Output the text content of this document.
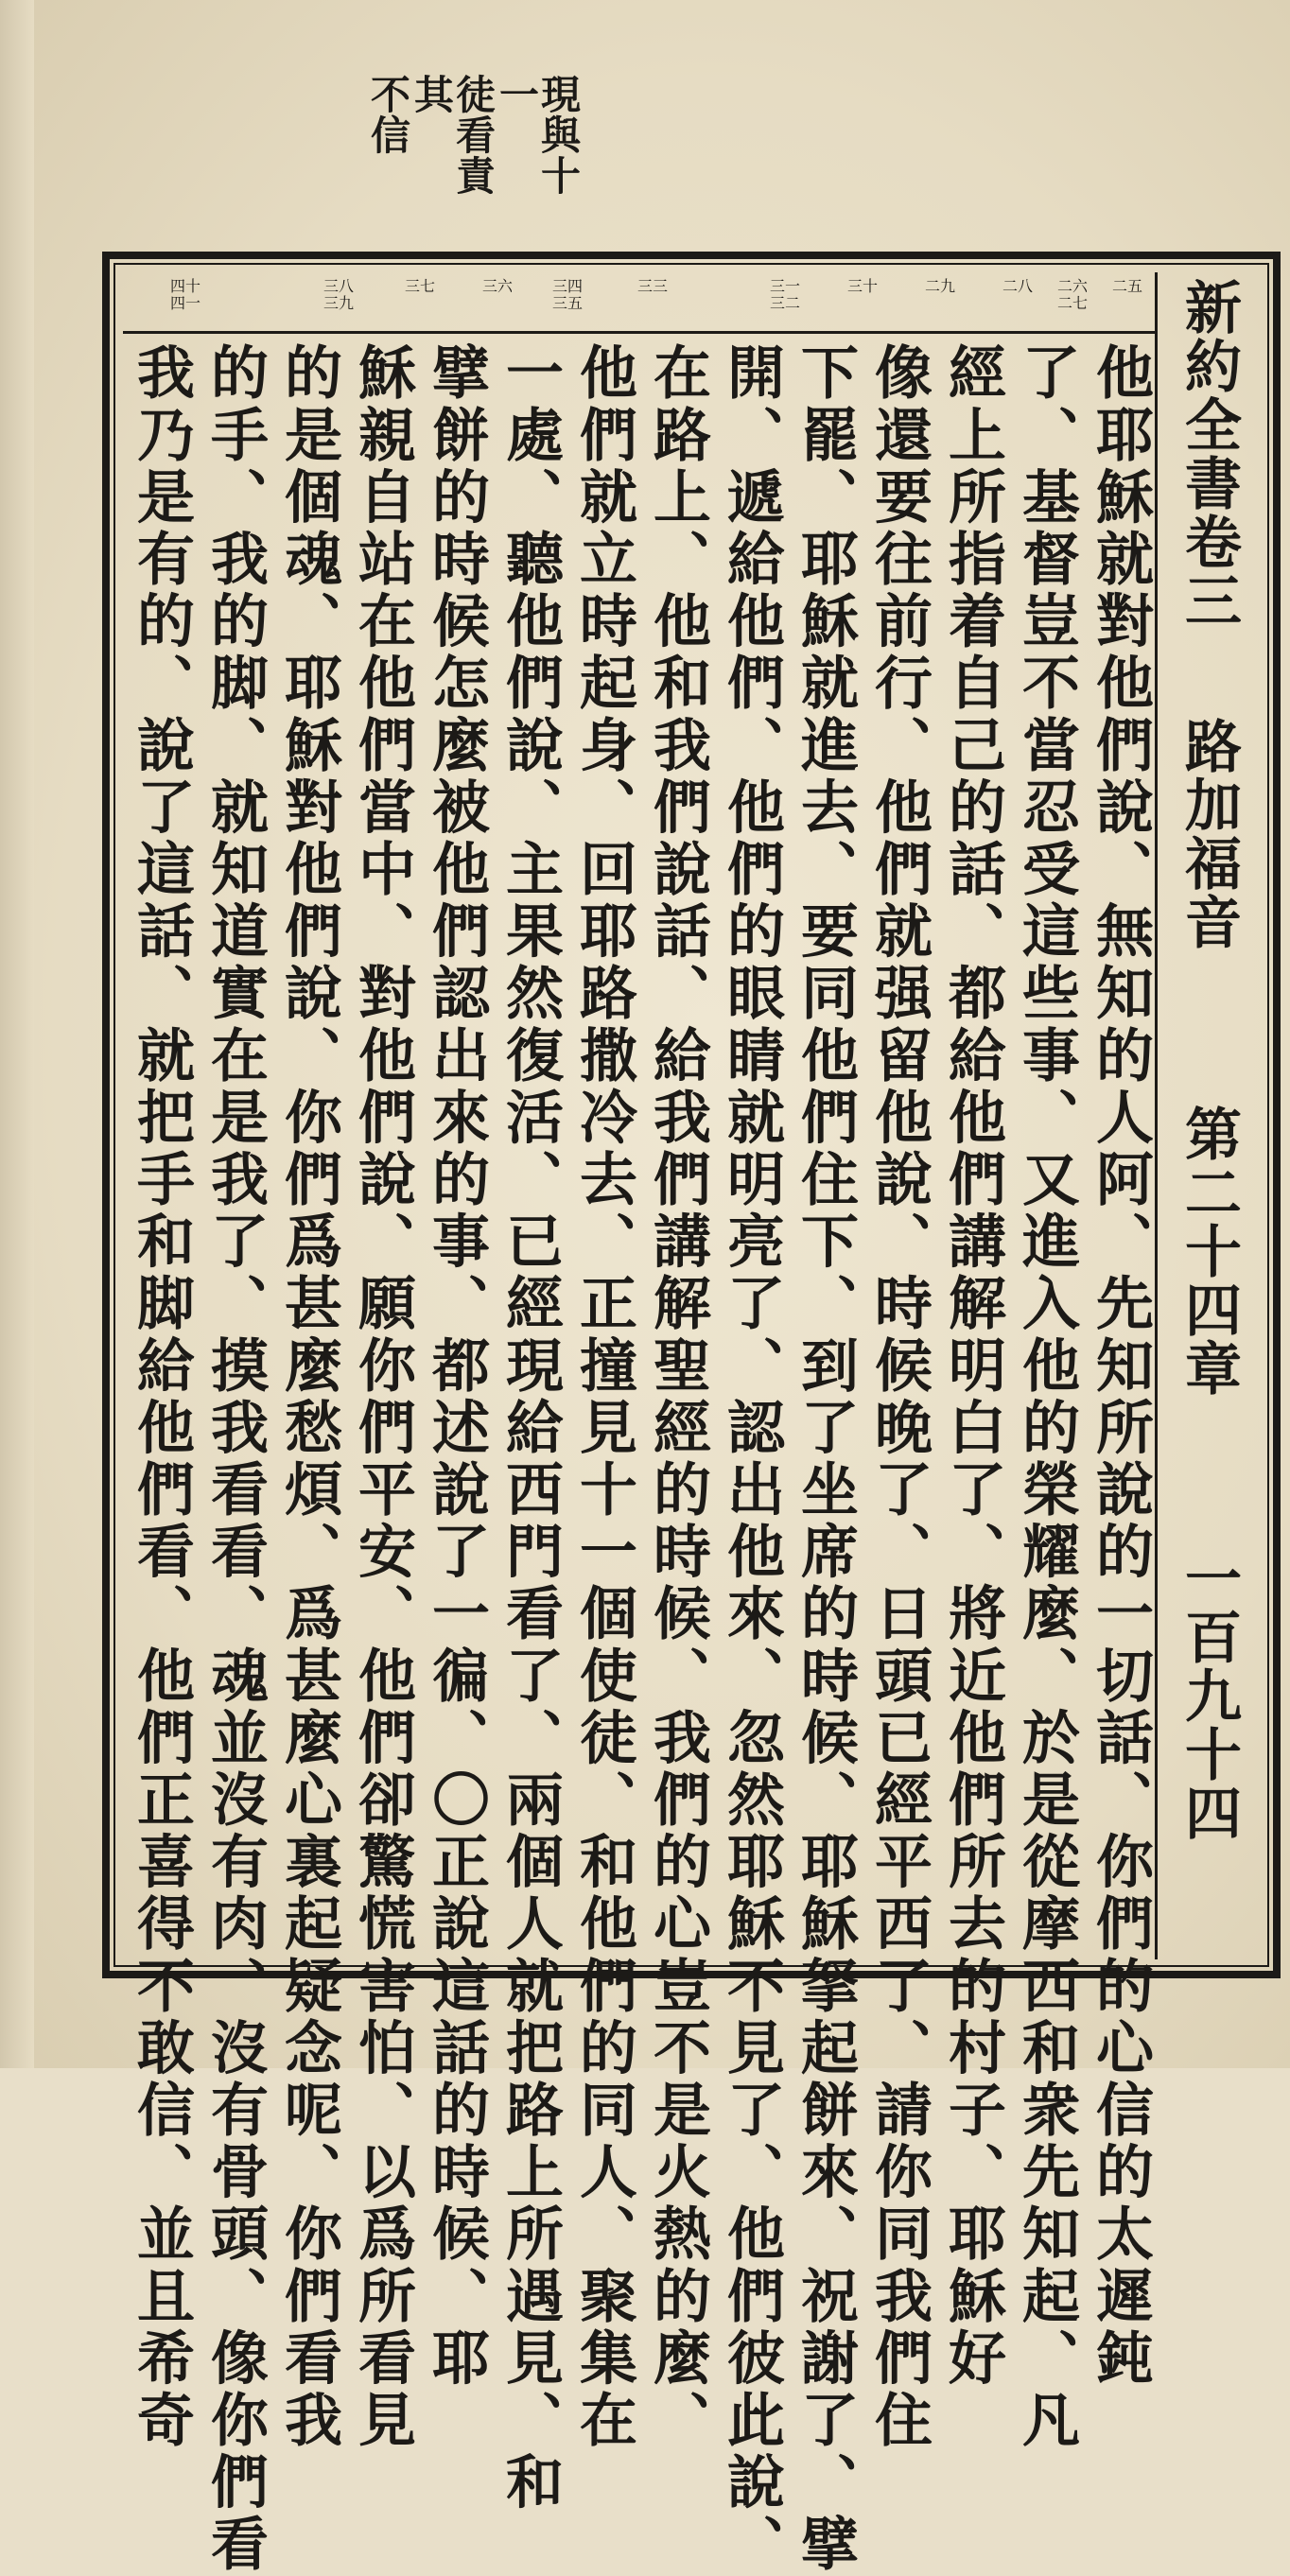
現與十一
徒看責其
不信
新約全書卷三
路加福音
第二十四章
一百九十四
二五
二六
二七
二八
二九
三十
三一
三二
三三
三四
三五
三六
三七
三八
三九
四十
四一
他耶穌就對他們說、無知的人阿、先知所說的一切話、你們的心信的太遲鈍
了、基督豈不當忍受這些事、又進入他的榮耀麼、於是從摩西和衆先知起、凡
經上所指着自己的話、都給他們講解明白了、將近他們所去的村子、耶穌好
像還要往前行、他們就强留他說、時候晚了、日頭已經平西了、請你同我們住
下罷、耶穌就進去、要同他們住下、到了坐席的時候、耶穌拏起餅來、祝謝了、擘
開、遞給他們、他們的眼睛就明亮了、認出他來、忽然耶穌不見了、他們彼此說、
在路上、他和我們說話、給我們講解聖經的時候、我們的心豈不是火熱的麼、
他們就立時起身、回耶路撒冷去、正撞見十一個使徒、和他們的同人、聚集在
一處、聽他們說、主果然復活、已經現給西門看了、兩個人就把路上所遇見、和
擘餅的時候怎麼被他們認出來的事、都述說了一徧、〇正說這話的時候、耶
穌親自站在他們當中、對他們說、願你們平安、他們卻驚慌害怕、以爲所看見
的是個魂、耶穌對他們說、你們爲甚麼愁煩、爲甚麼心裏起疑念呢、你們看我
的手、我的脚、就知道實在是我了、摸我看看、魂並沒有肉、沒有骨頭、像你們看
我乃是有的、說了這話、就把手和脚給他們看、他們正喜得不敢信、並且希奇
